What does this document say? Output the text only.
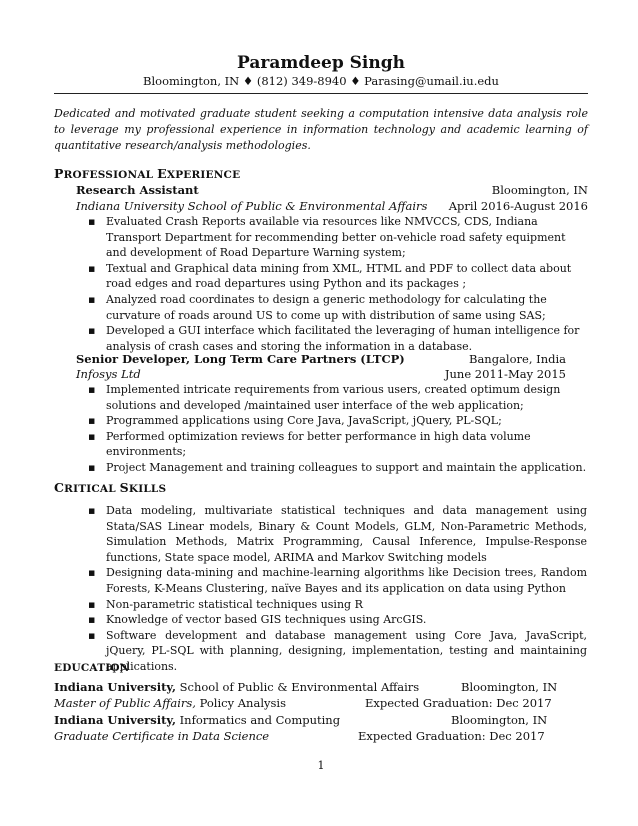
Paramdeep Singh
Bloomington, IN ♦ (812) 349-8940 ♦ Parasing@umail.iu.edu
Dedicated and motivated graduate student seeking a computation intensive data analysis role to leverage my professional experience in information technology and academic learning of quantitative research/analysis methodologies.
PROFESSIONAL EXPERIENCE
Research Assistant	Bloomington, IN
Indiana University School of Public & Environmental Affairs April 2016-August 2016
▪ Evaluated Crash Reports available via resources like NMVCCS, CDS, Indiana Transport Department for recommending better on-vehicle road safety equipment and development of Road Departure Warning system;
▪ Textual and Graphical data mining from XML, HTML and PDF to collect data about road edges and road departures using Python and its packages ;
▪ Analyzed road coordinates to design a generic methodology for calculating the curvature of roads around US to come up with distribution of same using SAS;
▪ Developed a GUI interface which facilitated the leveraging of human intelligence for analysis of crash cases and storing the information in a database.
Senior Developer, Long Term Care Partners (LTCP)	Bangalore, India
Infosys Ltd	June 2011-May 2015
▪ Implemented intricate requirements from various users, created optimum design solutions and developed /maintained user interface of the web application;
▪ Programmed applications using Core Java, JavaScript, jQuery, PL-SQL;
▪ Performed optimization reviews for better performance in high data volume environments;
▪ Project Management and training colleagues to support and maintain the application.
CRITICAL SKILLS
▪ Data modeling, multivariate statistical techniques and data management using Stata/SAS Linear models, Binary & Count Models, GLM, Non-Parametric Methods, Simulation Methods, Matrix Programming, Causal Inference, Impulse-Response functions, State space model, ARIMA and Markov Switching models
▪ Designing data-mining and machine-learning algorithms like Decision trees, Random Forests, K-Means Clustering, naïve Bayes and its application on data using Python
▪ Non-parametric statistical techniques using R
▪ Knowledge of vector based GIS techniques using ArcGIS.
▪ Software development and database management using Core Java, JavaScript, jQuery, PL-SQL with planning, designing, implementation, testing and maintaining applications.
EDUCATION
Indiana University, School of Public & Environmental Affairs	Bloomington, IN
Master of Public Affairs, Policy Analysis	Expected Graduation: Dec 2017
Indiana University, Informatics and Computing	Bloomington, IN
Graduate Certificate in Data Science	Expected Graduation: Dec 2017
1
